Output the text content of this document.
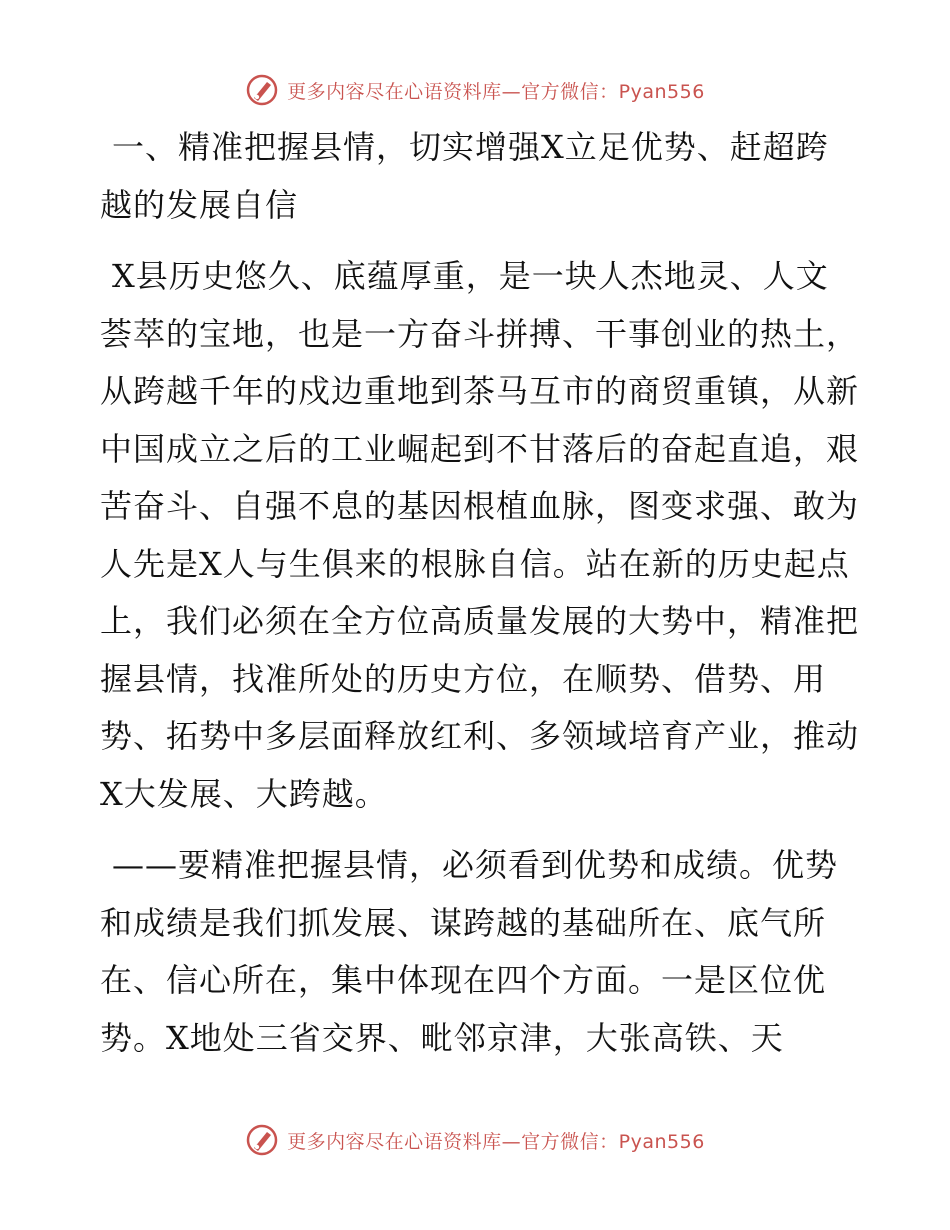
更多内容尽在心语资料库—官方微信：Pyan556
一、精准把握县情，切实增强X立足优势、赶超跨越的发展自信

X县历史悠久、底蕴厚重，是一块人杰地灵、人文荟萃的宝地，也是一方奋斗拼搏、干事创业的热土，从跨越千年的戍边重地到茶马互市的商贸重镇，从新中国成立之后的工业崛起到不甘落后的奋起直追，艰苦奋斗、自强不息的基因根植血脉，图变求强、敢为人先是X人与生俱来的根脉自信。站在新的历史起点上，我们必须在全方位高质量发展的大势中，精准把握县情，找准所处的历史方位，在顺势、借势、用势、拓势中多层面释放红利、多领域培育产业，推动X大发展、大跨越。

——要精准把握县情，必须看到优势和成绩。优势和成绩是我们抓发展、谋跨越的基础所在、底气所在、信心所在，集中体现在四个方面。一是区位优势。X地处三省交界、毗邻京津，大张高铁、天

更多内容尽在心语资料库—官方微信：Pyan556
